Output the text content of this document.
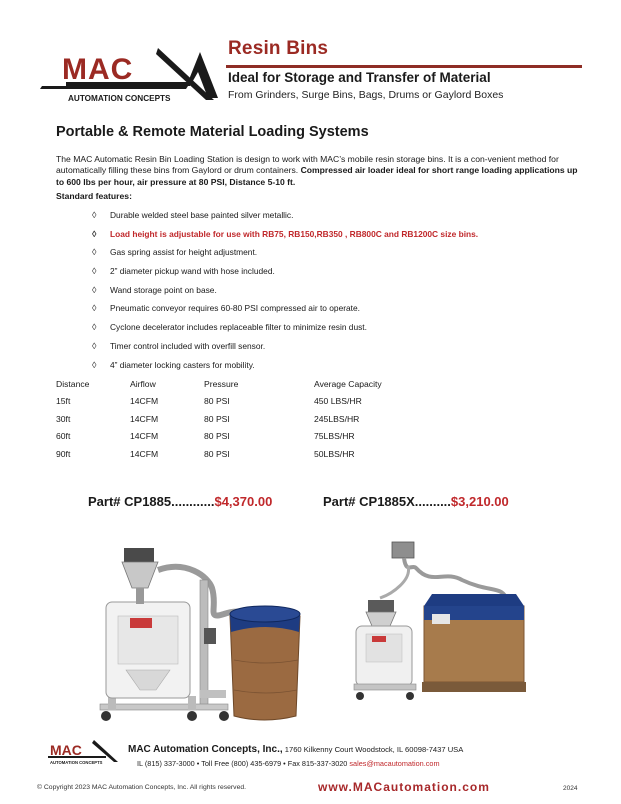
MAC
AUTOMATION CONCEPTS
Resin Bins
Ideal for Storage and Transfer of Material
From Grinders, Surge Bins, Bags, Drums or Gaylord Boxes
Portable & Remote Material Loading Systems
The MAC Automatic Resin Bin Loading Station is design to work with MAC’s mobile resin storage bins. It is a con-venient method for automatically filling these bins from Gaylord or drum containers. Compressed air loader ideal for short range loading applications up to 600 lbs per hour, air pressure at 80 PSI, Distance 5-10 ft.
Standard features:
◊ Durable welded steel base painted silver metallic.
◊ Load height is adjustable for use with RB75, RB150,RB350 , RB800C and RB1200C size bins.
◊ Gas spring assist for height adjustment.
◊ 2” diameter pickup wand with hose included.
◊ Wand storage point on base.
◊ Pneumatic conveyor requires 60-80 PSI compressed air to operate.
◊ Cyclone decelerator includes replaceable filter to minimize resin dust.
◊ Timer control included with overfill sensor.
◊ 4” diameter locking casters for mobility.
Distance	Airflow	Pressure	Average Capacity
15ft	14CFM	80 PSI	450 LBS/HR
30ft	14CFM	80 PSI	245LBS/HR
60ft	14CFM	80 PSI	75LBS/HR
90ft	14CFM	80 PSI	50LBS/HR
Part# CP1885............$4,370.00	Part# CP1885X..........$3,210.00
MAC
AUTOMATION CONCEPTS
MAC Automation Concepts, Inc., 1760 Kilkenny Court Woodstock, IL 60098-7437 USA
IL (815) 337-3000 • Toll Free (800) 435-6979 • Fax 815-337-3020 sales@macautomation.com
© Copyright 2023 MAC Automation Concepts, Inc. All rights reserved.	www.MACautomation.com	2024
